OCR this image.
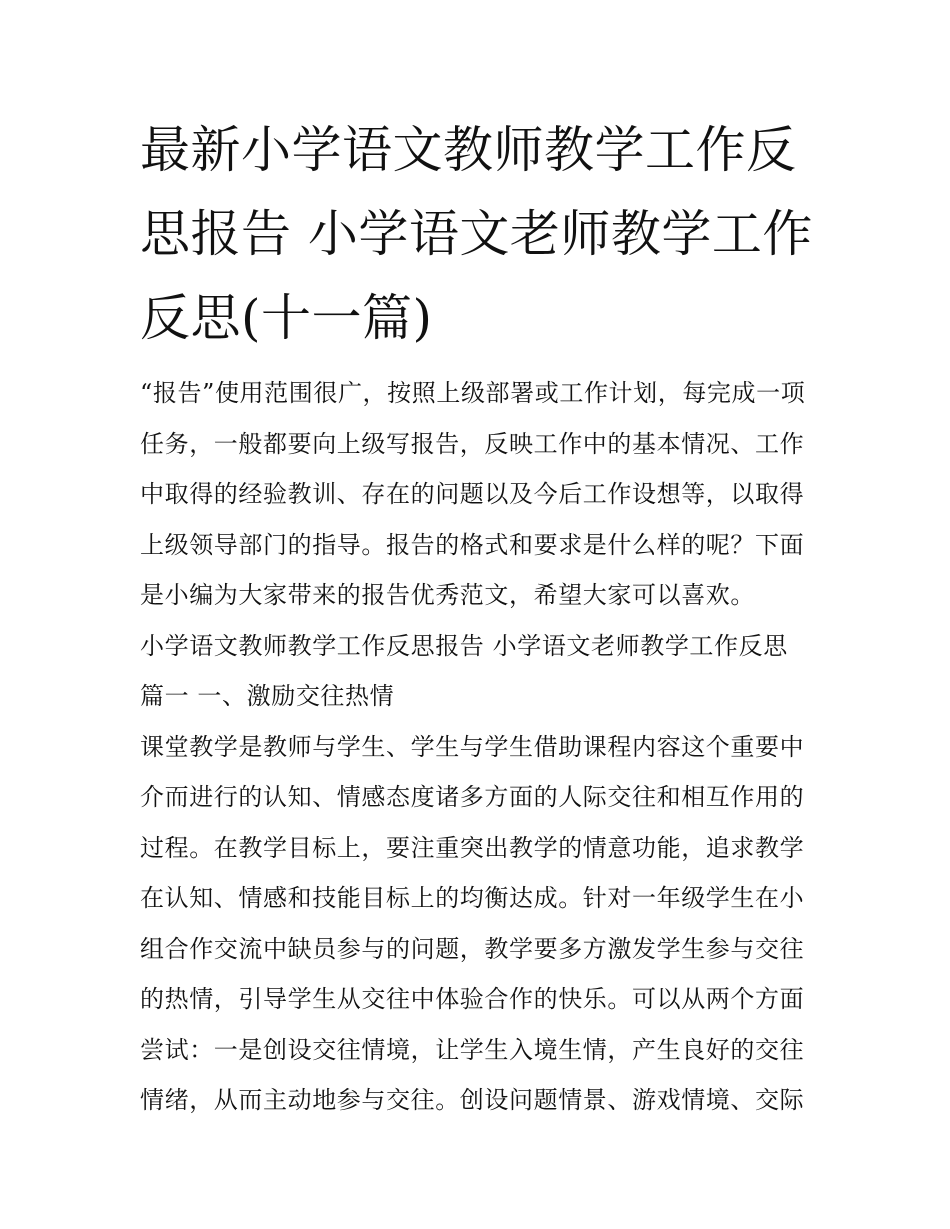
最新小学语文教师教学工作反
思报告 小学语文老师教学工作
反思(十一篇)
“报告”使用范围很广，按照上级部署或工作计划，每完成一项
任务，一般都要向上级写报告，反映工作中的基本情况、工作
中取得的经验教训、存在的问题以及今后工作设想等，以取得
上级领导部门的指导。报告的格式和要求是什么样的呢？下面
是小编为大家带来的报告优秀范文，希望大家可以喜欢。
小学语文教师教学工作反思报告 小学语文老师教学工作反思
篇一 一、激励交往热情
课堂教学是教师与学生、学生与学生借助课程内容这个重要中
介而进行的认知、情感态度诸多方面的人际交往和相互作用的
过程。在教学目标上，要注重突出教学的情意功能，追求教学
在认知、情感和技能目标上的均衡达成。针对一年级学生在小
组合作交流中缺员参与的问题，教学要多方激发学生参与交往
的热情，引导学生从交往中体验合作的快乐。可以从两个方面
尝试：一是创设交往情境，让学生入境生情，产生良好的交往
情绪，从而主动地参与交往。创设问题情景、游戏情境、交际
